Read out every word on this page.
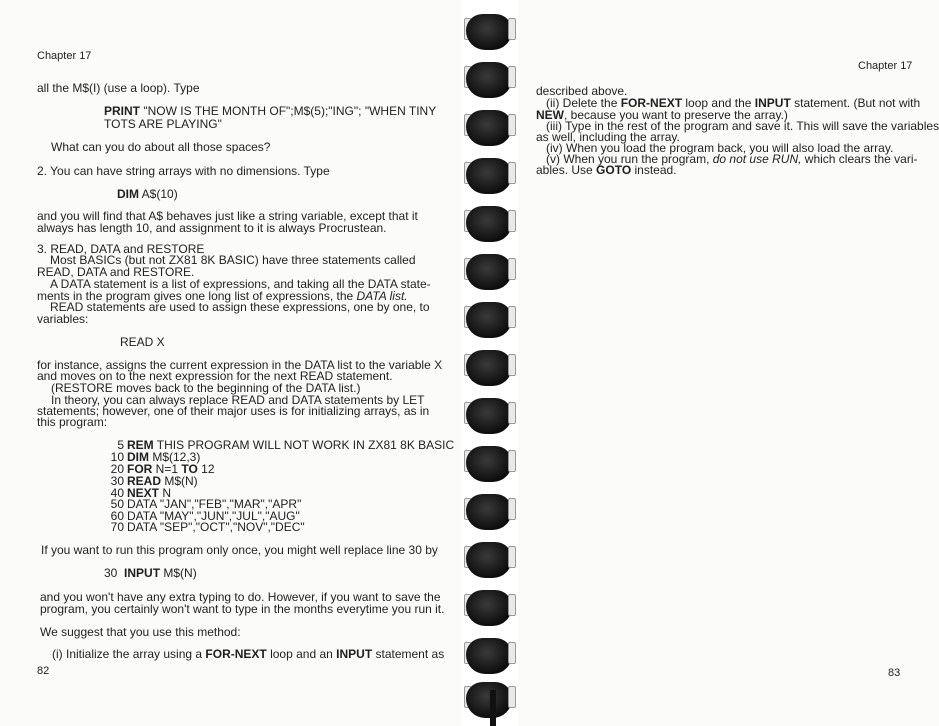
Chapter 17
all the M$(I) (use a loop). Type
PRINT "NOW IS THE MONTH OF";M$(5);"ING"; "WHEN TINY
TOTS ARE PLAYING"
What can you do about all those spaces?
2. You can have string arrays with no dimensions. Type
DIM A$(10)
and you will find that A$ behaves just like a string variable, except that it
always has length 10, and assignment to it is always Procrustean.
3. READ, DATA and RESTORE
Most BASICs (but not ZX81 8K BASIC) have three statements called
READ, DATA and RESTORE.
A DATA statement is a list of expressions, and taking all the DATA state-
ments in the program gives one long list of expressions, the DATA list.
READ statements are used to assign these expressions, one by one, to
variables:
READ X
for instance, assigns the current expression in the DATA list to the variable X
and moves on to the next expression for the next READ statement.
(RESTORE moves back to the beginning of the DATA list.)
In theory, you can always replace READ and DATA statements by LET
statements; however, one of their major uses is for initializing arrays, as in
this program:
5 REM THIS PROGRAM WILL NOT WORK IN ZX81 8K BASIC
10 DIM M$(12,3)
20 FOR N=1 TO 12
30 READ M$(N)
40 NEXT N
50 DATA "JAN","FEB","MAR","APR"
60 DATA "MAY","JUN","JUL","AUG"
70 DATA "SEP","OCT","NOV","DEC"
If you want to run this program only once, you might well replace line 30 by
30 INPUT M$(N)
and you won't have any extra typing to do. However, if you want to save the
program, you certainly won't want to type in the months everytime you run it.
We suggest that you use this method:
(i) Initialize the array using a FOR-NEXT loop and an INPUT statement as
82
Chapter 17
described above.
(ii) Delete the FOR-NEXT loop and the INPUT statement. (But not with
NEW, because you want to preserve the array.)
(iii) Type in the rest of the program and save it. This will save the variables
as well, including the array.
(iv) When you load the program back, you will also load the array.
(v) When you run the program, do not use RUN, which clears the vari-
ables. Use GOTO instead.
83
